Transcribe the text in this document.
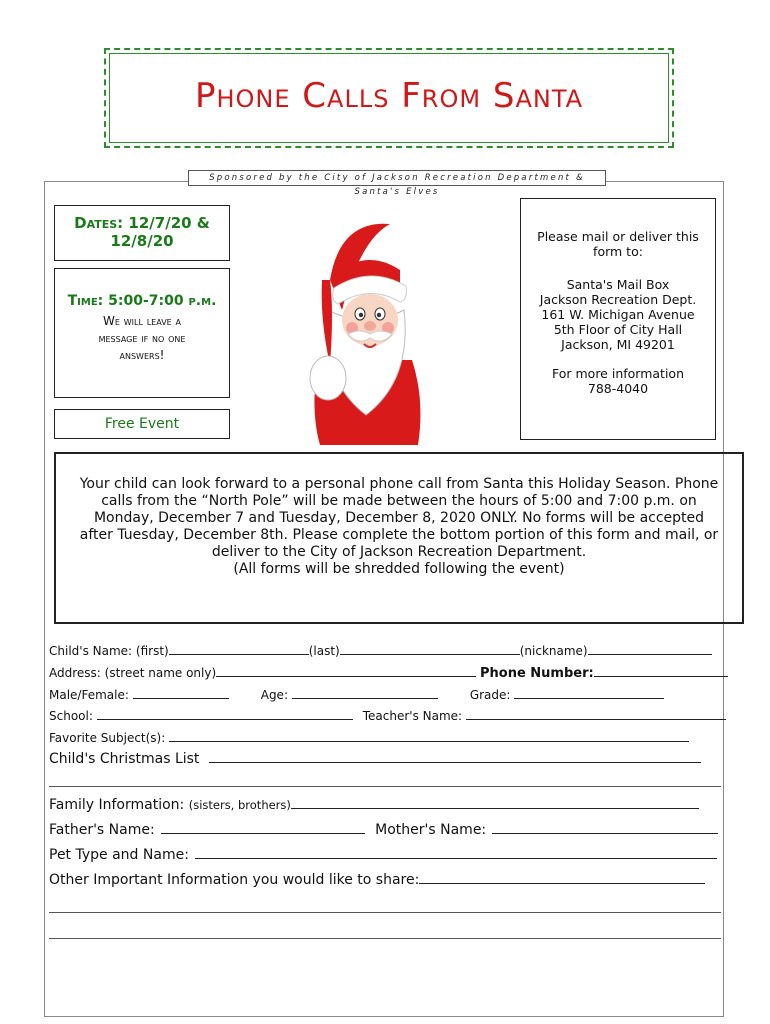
Phone Calls From Santa
Sponsored by the City of Jackson Recreation Department & Santa's Elves
Dates: 12/7/20 &
12/8/20
Time: 5:00-7:00 p.m.
We will leave a
message if no one
answers!
Free Event
Please mail or deliver this
form to:
Santa's Mail Box
Jackson Recreation Dept.
161 W. Michigan Avenue
5th Floor of City Hall
Jackson, MI 49201
For more information
788-4040
Your child can look forward to a personal phone call from Santa this Holiday Season. Phone
calls from the “North Pole” will be made between the hours of 5:00 and 7:00 p.m. on
Monday, December 7 and Tuesday, December 8, 2020 ONLY. No forms will be accepted
after Tuesday, December 8th. Please complete the bottom portion of this form and mail, or
deliver to the City of Jackson Recreation Department.
(All forms will be shredded following the event)
Child's Name: (first)	(last)	(nickname)
Address: (street name only)	Phone Number:
Male/Female:	Age:	Grade:
School:	Teacher's Name:
Favorite Subject(s):
Child's Christmas List
Family Information: (sisters, brothers)
Father's Name:	Mother's Name:
Pet Type and Name:
Other Important Information you would like to share:
